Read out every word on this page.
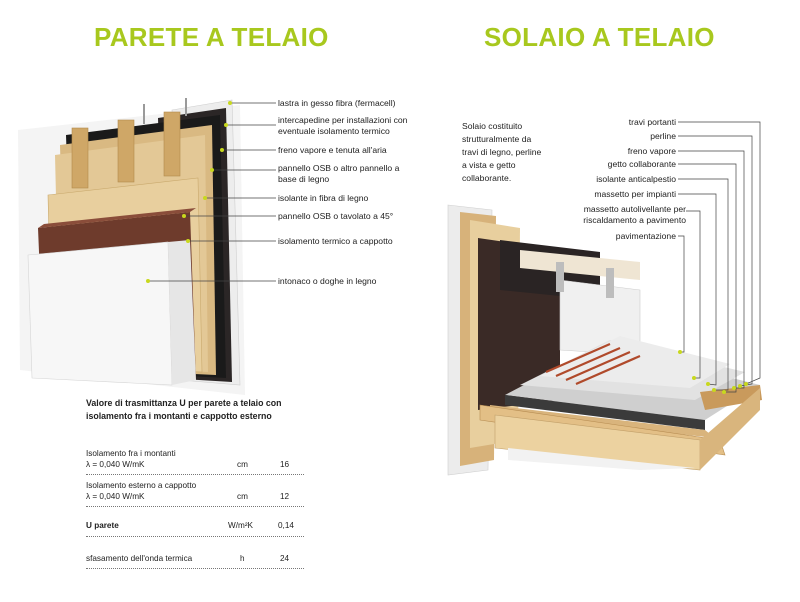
PARETE A TELAIO	SOLAIO A TELAIO
lastra in gesso fibra (fermacell)
intercapedine per installazioni con
eventuale isolamento termico
freno vapore e tenuta all'aria
pannello OSB o altro pannello a
base di legno
isolante in fibra di legno
pannello OSB o tavolato a 45°
isolamento termico a cappotto
intonaco o doghe in legno
Solaio costituito
strutturalmente da
travi di legno, perline
a vista e getto
collaborante.
travi portanti
perline
freno vapore
getto collaborante
isolante anticalpestio
massetto per impianti
massetto autolivellante per
riscaldamento a pavimento
pavimentazione
Valore di trasmittanza U per parete a telaio con
isolamento fra i montanti e cappotto esterno
Isolamento fra i montanti
λ = 0,040 W/mK	cm	16
Isolamento esterno a cappotto
λ = 0,040 W/mK	cm	12
U parete	W/m²K	0,14
sfasamento dell'onda termica	h	24
